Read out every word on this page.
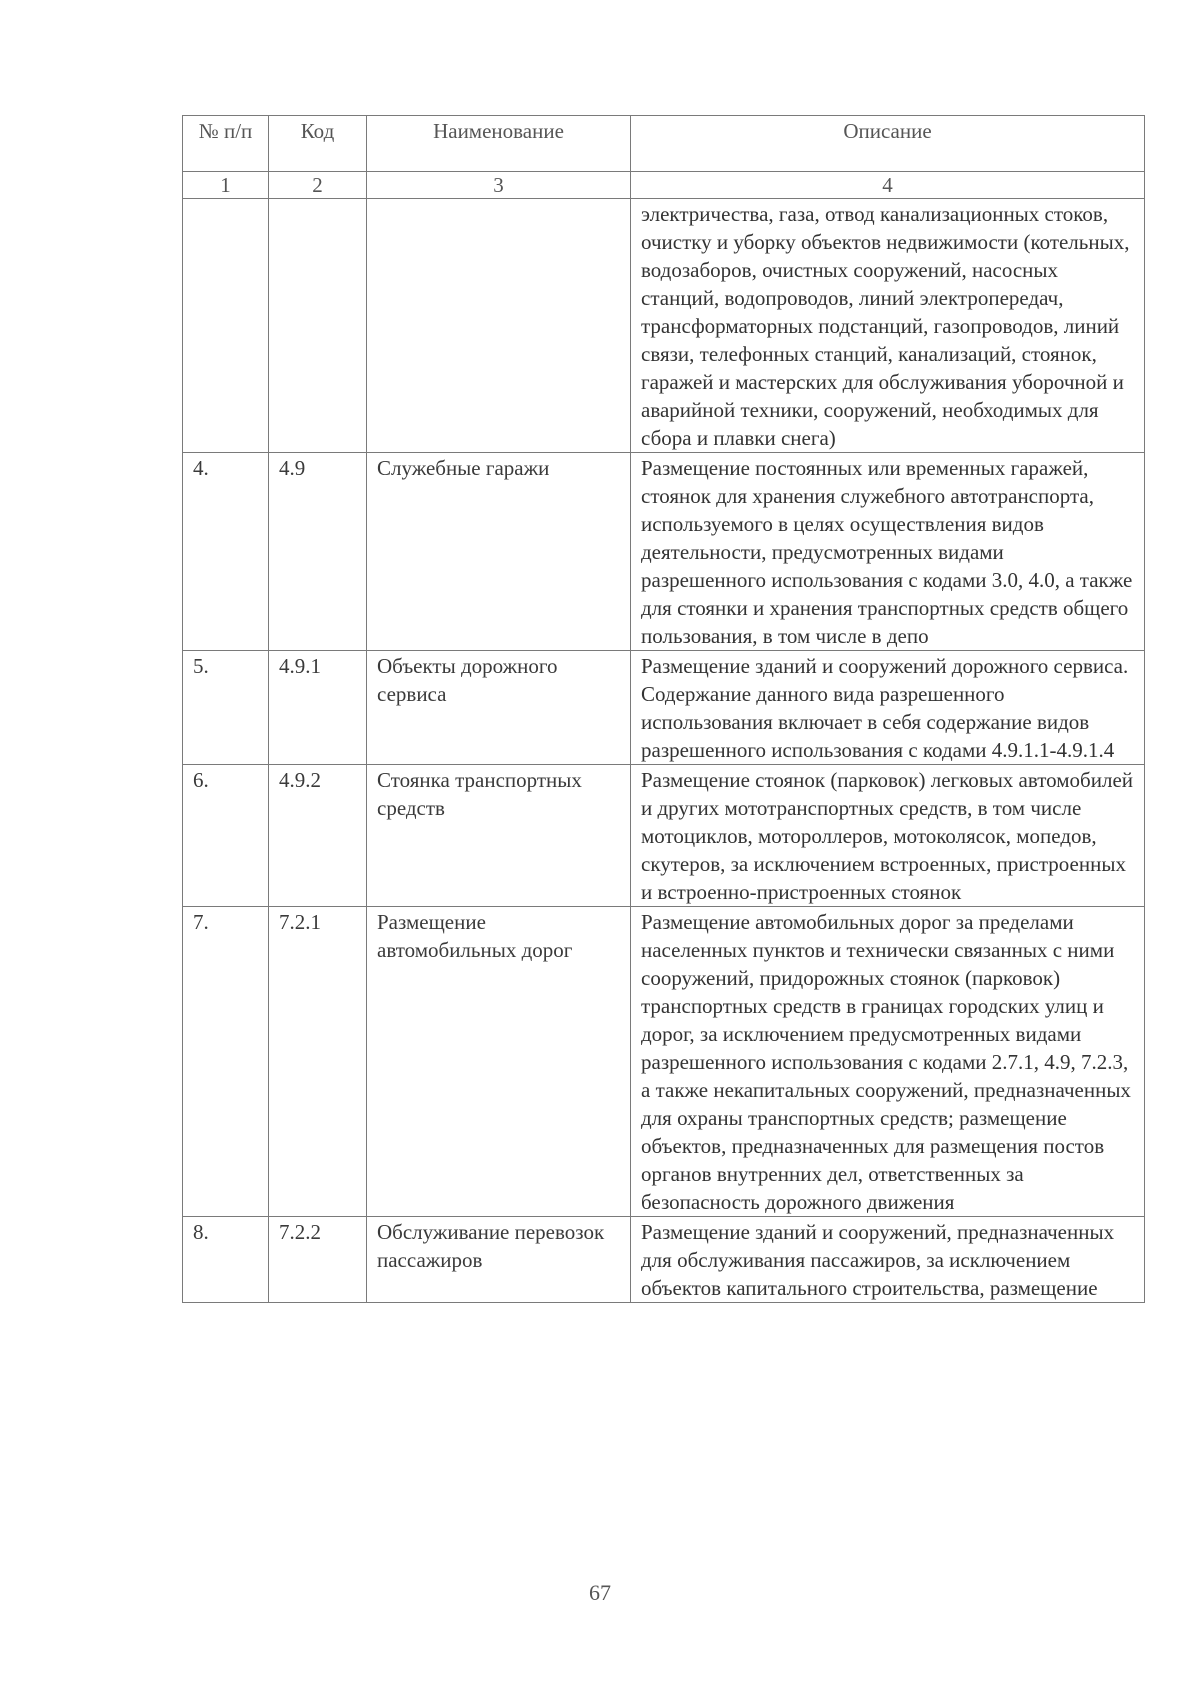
№ п/п	Код	Наименование	Описание
1	2	3	4
			электричества, газа, отвод канализационных стоков, очистку и уборку объектов недвижимости (котельных, водозаборов, очистных сооружений, насосных станций, водопроводов, линий электропередач, трансформаторных подстанций, газопроводов, линий связи, телефонных станций, канализаций, стоянок, гаражей и мастерских для обслуживания уборочной и аварийной техники, сооружений, необходимых для сбора и плавки снега)
4.	4.9	Служебные гаражи	Размещение постоянных или временных гаражей, стоянок для хранения служебного автотранспорта, используемого в целях осуществления видов деятельности, предусмотренных видами разрешенного использования с кодами 3.0, 4.0, а также для стоянки и хранения транспортных средств общего пользования, в том числе в депо
5.	4.9.1	Объекты дорожного сервиса	Размещение зданий и сооружений дорожного сервиса. Содержание данного вида разрешенного использования включает в себя содержание видов разрешенного использования с кодами 4.9.1.1-4.9.1.4
6.	4.9.2	Стоянка транспортных средств	Размещение стоянок (парковок) легковых автомобилей и других мототранспортных средств, в том числе мотоциклов, мотороллеров, мотоколясок, мопедов, скутеров, за исключением встроенных, пристроенных и встроенно-пристроенных стоянок
7.	7.2.1	Размещение автомобильных дорог	Размещение автомобильных дорог за пределами населенных пунктов и технически связанных с ними сооружений, придорожных стоянок (парковок) транспортных средств в границах городских улиц и дорог, за исключением предусмотренных видами разрешенного использования с кодами 2.7.1, 4.9, 7.2.3, а также некапитальных сооружений, предназначенных для охраны транспортных средств; размещение объектов, предназначенных для размещения постов органов внутренних дел, ответственных за безопасность дорожного движения
8.	7.2.2	Обслуживание перевозок пассажиров	Размещение зданий и сооружений, предназначенных для обслуживания пассажиров, за исключением объектов капитального строительства, размещение
67
